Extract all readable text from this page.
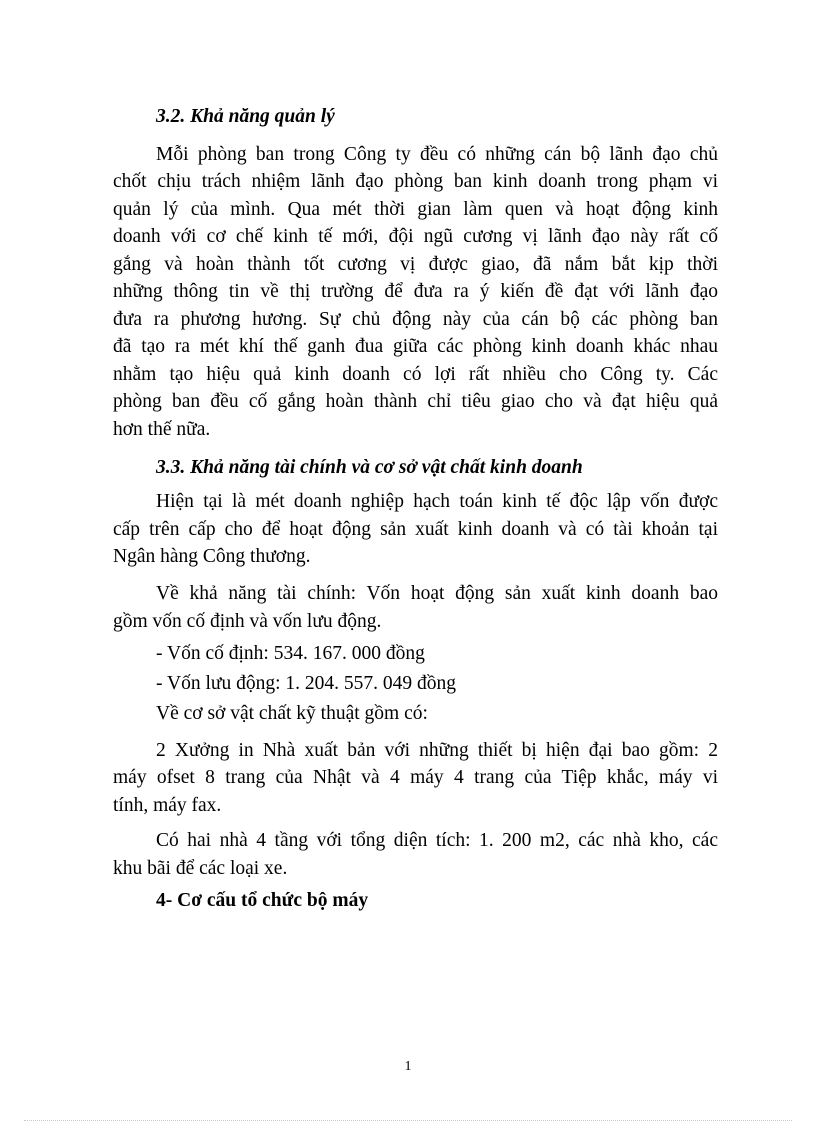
3.2. Khả năng quản lý
Mỗi phòng ban trong Công ty đều có những cán bộ lãnh đạo chủ
chốt chịu trách nhiệm lãnh đạo phòng ban kinh doanh trong phạm vi
quản lý của mình. Qua mét thời gian làm quen và hoạt động kinh
doanh với cơ chế kinh tế mới, đội ngũ cương vị lãnh đạo này rất cố
gắng và hoàn thành tốt cương vị được giao, đã nắm bắt kịp thời
những thông tin về thị trường để đưa ra ý kiến đề đạt với lãnh đạo
đưa ra phương hương. Sự chủ động này của cán bộ các phòng ban
đã tạo ra mét khí thế ganh đua giữa các phòng kinh doanh khác nhau
nhằm tạo hiệu quả kinh doanh có lợi rất nhiều cho Công ty. Các
phòng ban đều cố gắng hoàn thành chỉ tiêu giao cho và đạt hiệu quả
hơn thế nữa.
3.3. Khả năng tài chính và cơ sở vật chất kinh doanh
Hiện tại là mét doanh nghiệp hạch toán kinh tế độc lập vốn được
cấp trên cấp cho để hoạt động sản xuất kinh doanh và có tài khoản tại
Ngân hàng Công thương.
Về khả năng tài chính: Vốn hoạt động sản xuất kinh doanh bao
gồm vốn cố định và vốn lưu động.
- Vốn cố định: 534. 167. 000 đồng
- Vốn lưu động: 1. 204. 557. 049 đồng
Về cơ sở vật chất kỹ thuật gồm có:
2 Xưởng in Nhà xuất bản với những thiết bị hiện đại bao gồm: 2
máy ofset 8 trang của Nhật và 4 máy 4 trang của Tiệp khắc, máy vi
tính, máy fax.
Có hai nhà 4 tầng với tổng diện tích: 1. 200 m2, các nhà kho, các
khu bãi để các loại xe.
4- Cơ cấu tổ chức bộ máy
1
